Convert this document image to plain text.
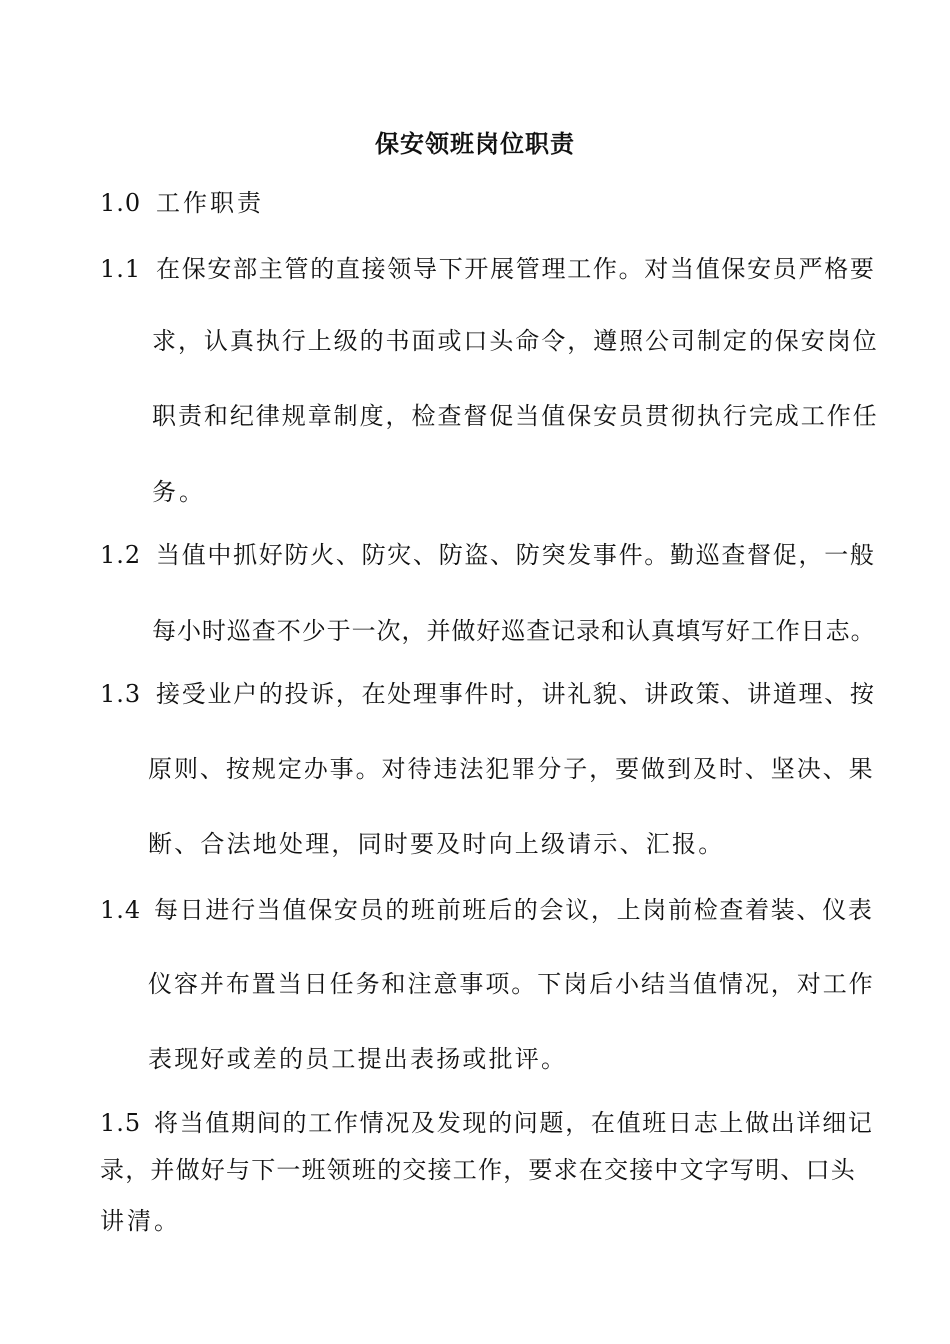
保安领班岗位职责
1.0 工作职责
1.1 在保安部主管的直接领导下开展管理工作。对当值保安员严格要
求，认真执行上级的书面或口头命令，遵照公司制定的保安岗位
职责和纪律规章制度，检查督促当值保安员贯彻执行完成工作任
务。
1.2 当值中抓好防火、防灾、防盗、防突发事件。勤巡查督促，一般
每小时巡查不少于一次，并做好巡查记录和认真填写好工作日志。
1.3 接受业户的投诉，在处理事件时，讲礼貌、讲政策、讲道理、按
原则、按规定办事。对待违法犯罪分子，要做到及时、坚决、果
断、合法地处理，同时要及时向上级请示、汇报。
1.4 每日进行当值保安员的班前班后的会议，上岗前检查着装、仪表
仪容并布置当日任务和注意事项。下岗后小结当值情况，对工作
表现好或差的员工提出表扬或批评。
1.5 将当值期间的工作情况及发现的问题，在值班日志上做出详细记
录，并做好与下一班领班的交接工作，要求在交接中文字写明、口头
讲清。
